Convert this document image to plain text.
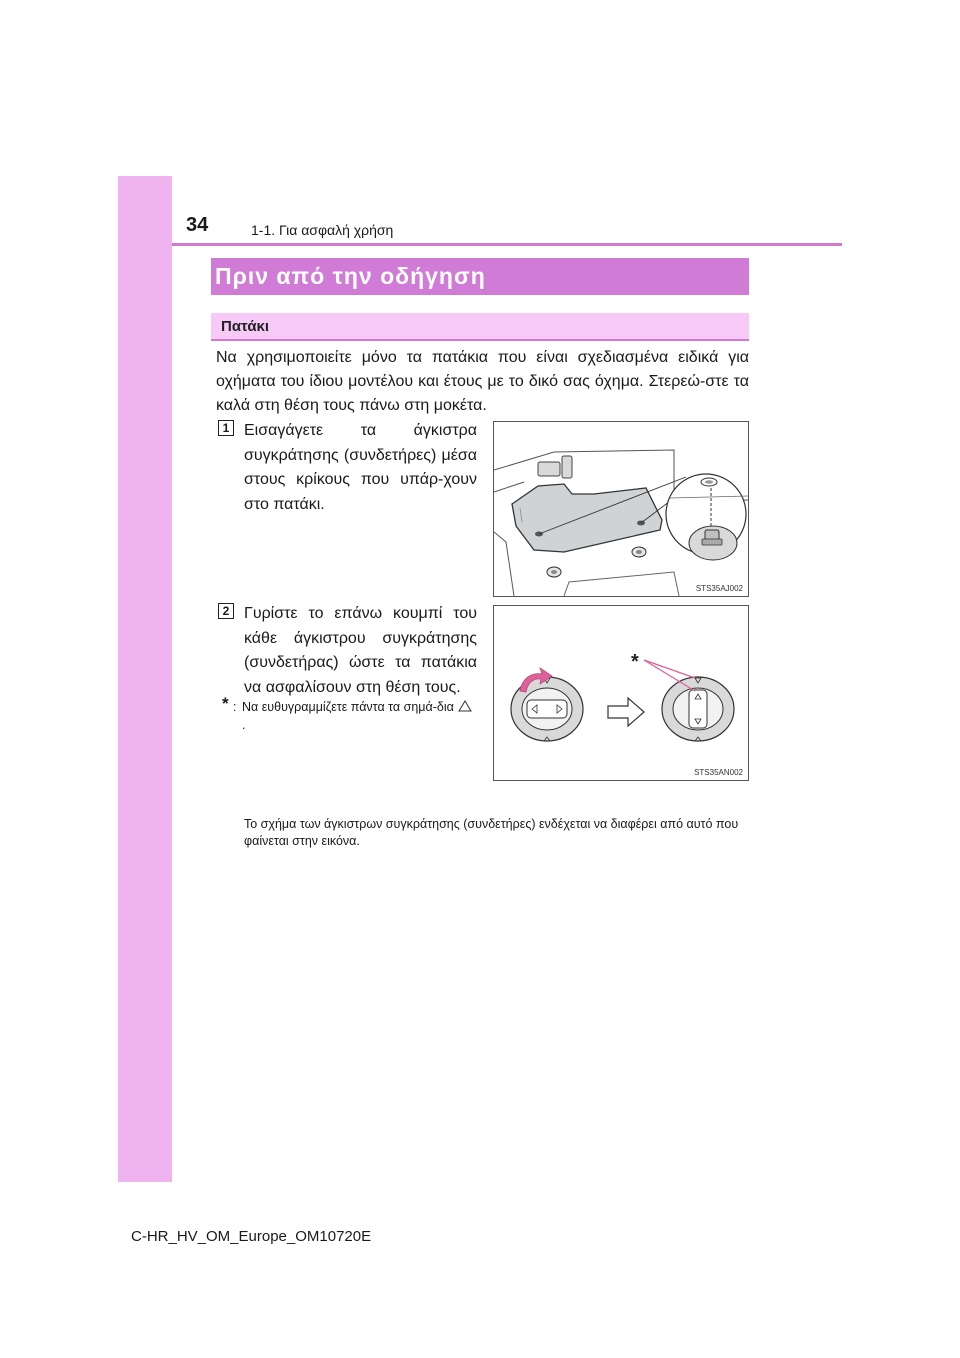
34	1-1. Για ασφαλή χρήση
Πριν από την οδήγηση
Πατάκι
Να χρησιμοποιείτε μόνο τα πατάκια που είναι σχεδιασμένα ειδικά για οχήματα του ίδιου μοντέλου και έτους με το δικό σας όχημα. Στερεώ-στε τα καλά στη θέση τους πάνω στη μοκέτα.
1 Εισαγάγετε τα άγκιστρα συγκράτησης (συνδετήρες) μέσα στους κρίκους που υπάρ-χουν στο πατάκι.
STS35AJ002
2 Γυρίστε το επάνω κουμπί του κάθε άγκιστρου συγκράτησης (συνδετήρας) ώστε τα πατάκια να ασφαλίσουν στη θέση τους.
*
STS35AN002
* : Να ευθυγραμμίζετε πάντα τα σημά-δια.
Το σχήμα των άγκιστρων συγκράτησης (συνδετήρες) ενδέχεται να διαφέρει από αυτό που φαίνεται στην εικόνα.
C-HR_HV_OM_Europe_OM10720E
